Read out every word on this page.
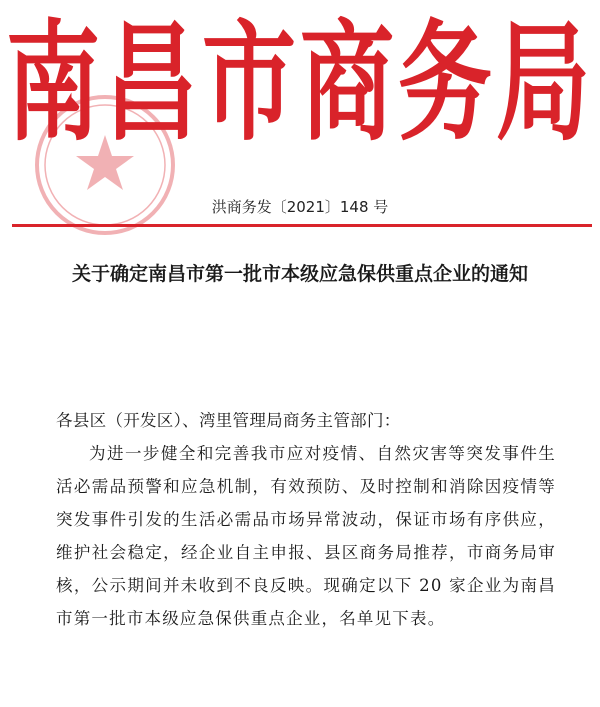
南昌市商务局
洪商务发〔2021〕148 号
关于确定南昌市第一批市本级应急保供重点企业的通知

各县区（开发区）、湾里管理局商务主管部门：

为进一步健全和完善我市应对疫情、自然灾害等突发事件生活必需品预警和应急机制，有效预防、及时控制和消除因疫情等突发事件引发的生活必需品市场异常波动，保证市场有序供应，维护社会稳定，经企业自主申报、县区商务局推荐，市商务局审核，公示期间并未收到不良反映。现确定以下 20 家企业为南昌市第一批市本级应急保供重点企业，名单见下表。
